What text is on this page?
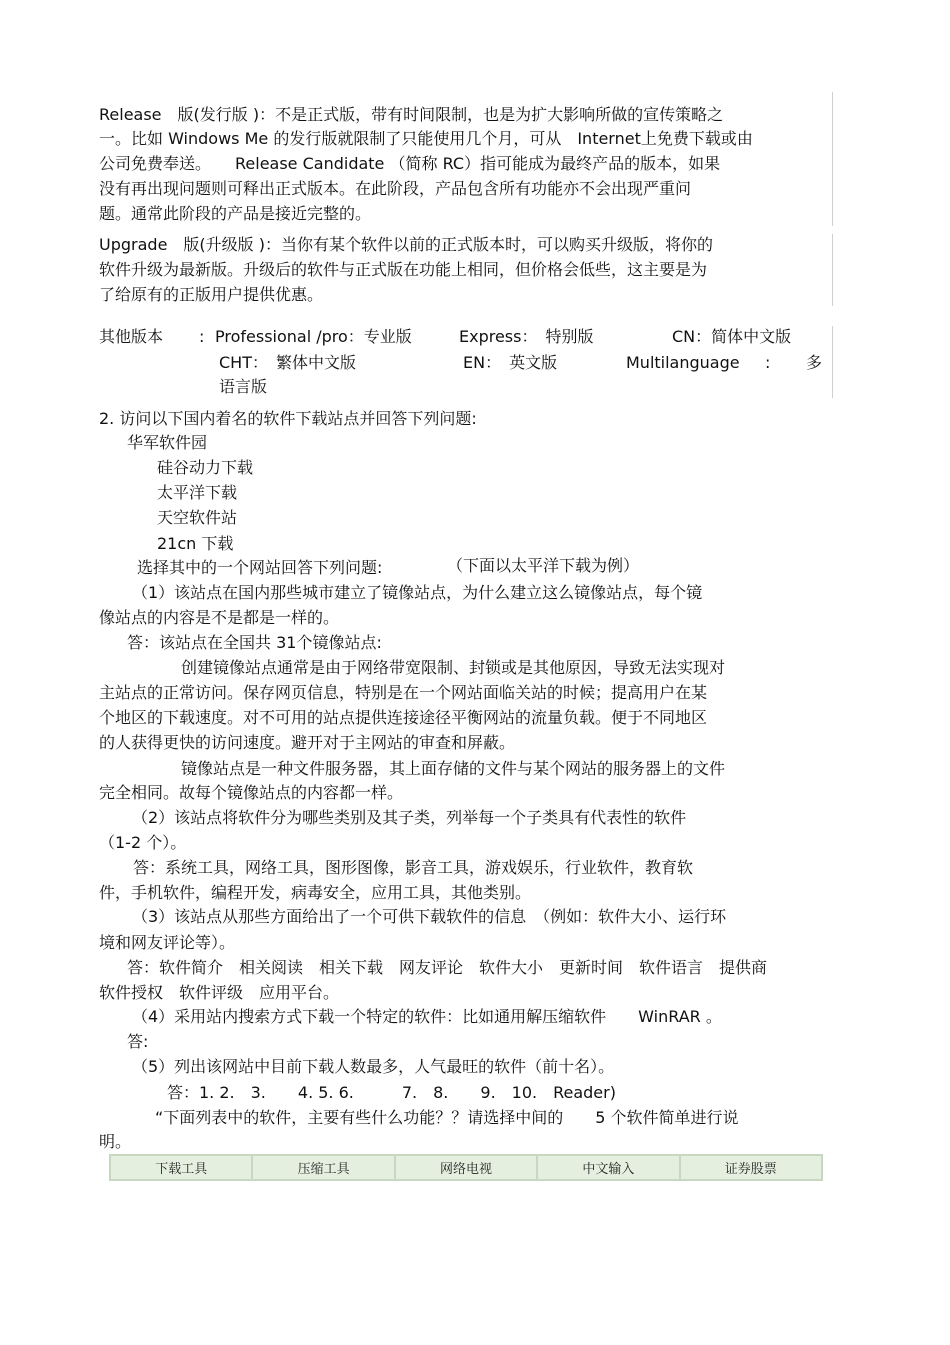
Release　版(发行版 )：不是正式版，带有时间限制，也是为扩大影响所做的宣传策略之
一。比如 Windows Me 的发行版就限制了只能使用几个月，可从　Internet上免费下载或由
公司免费奉送。　　Release Candidate （简称 RC）指可能成为最终产品的版本，如果
没有再出现问题则可释出正式版本。在此阶段，产品包含所有功能亦不会出现严重问
题。通常此阶段的产品是接近完整的。
Upgrade　版(升级版 )：当你有某个软件以前的正式版本时，可以购买升级版，将你的
软件升级为最新版。升级后的软件与正式版在功能上相同，但价格会低些，这主要是为
了给原有的正版用户提供优惠。
其他版本 : Professional /pro：专业版	Express：　特别版	CN：简体中文版
CHT：　繁体中文版	EN：　英文版	Multilanguage : 多
语言版
2. 访问以下国内着名的软件下载站点并回答下列问题:
华军软件园
硅谷动力下载
太平洋下载
天空软件站
21cn 下载
选择其中的一个网站回答下列问题:	（下面以太平洋下载为例）
（1）该站点在国内那些城市建立了镜像站点，为什么建立这么镜像站点，每个镜
像站点的内容是不是都是一样的。
答：该站点在全国共 31个镜像站点:
创建镜像站点通常是由于网络带宽限制、封锁或是其他原因，导致无法实现对
主站点的正常访问。保存网页信息，特别是在一个网站面临关站的时候；提高用户在某
个地区的下载速度。对不可用的站点提供连接途径平衡网站的流量负载。便于不同地区
的人获得更快的访问速度。避开对于主网站的审查和屏蔽。
镜像站点是一种文件服务器，其上面存储的文件与某个网站的服务器上的文件
完全相同。故每个镜像站点的内容都一样。
（2）该站点将软件分为哪些类别及其子类，列举每一个子类具有代表性的软件
（1-2 个）。
答：系统工具，网络工具，图形图像，影音工具，游戏娱乐，行业软件，教育软
件，手机软件，编程开发，病毒安全，应用工具，其他类别。
（3）该站点从那些方面给出了一个可供下载软件的信息　（例如：软件大小、运行环
境和网友评论等）。
答：软件简介　相关阅读　相关下载　网友评论　软件大小　更新时间　软件语言　提供商
软件授权　软件评级　应用平台。
（4）采用站内搜索方式下载一个特定的软件：比如通用解压缩软件　　WinRAR 。
答:
（5）列出该网站中目前下载人数最多，人气最旺的软件（前十名）。
答：1. 2.　3.　　4. 5. 6.　　　7.　8.　　9.　10.　Reader)
“下面列表中的软件，主要有些什么功能？？请选择中间的　　5 个软件简单进行说
明。
下载工具	压缩工具	网络电视	中文输入	证券股票
